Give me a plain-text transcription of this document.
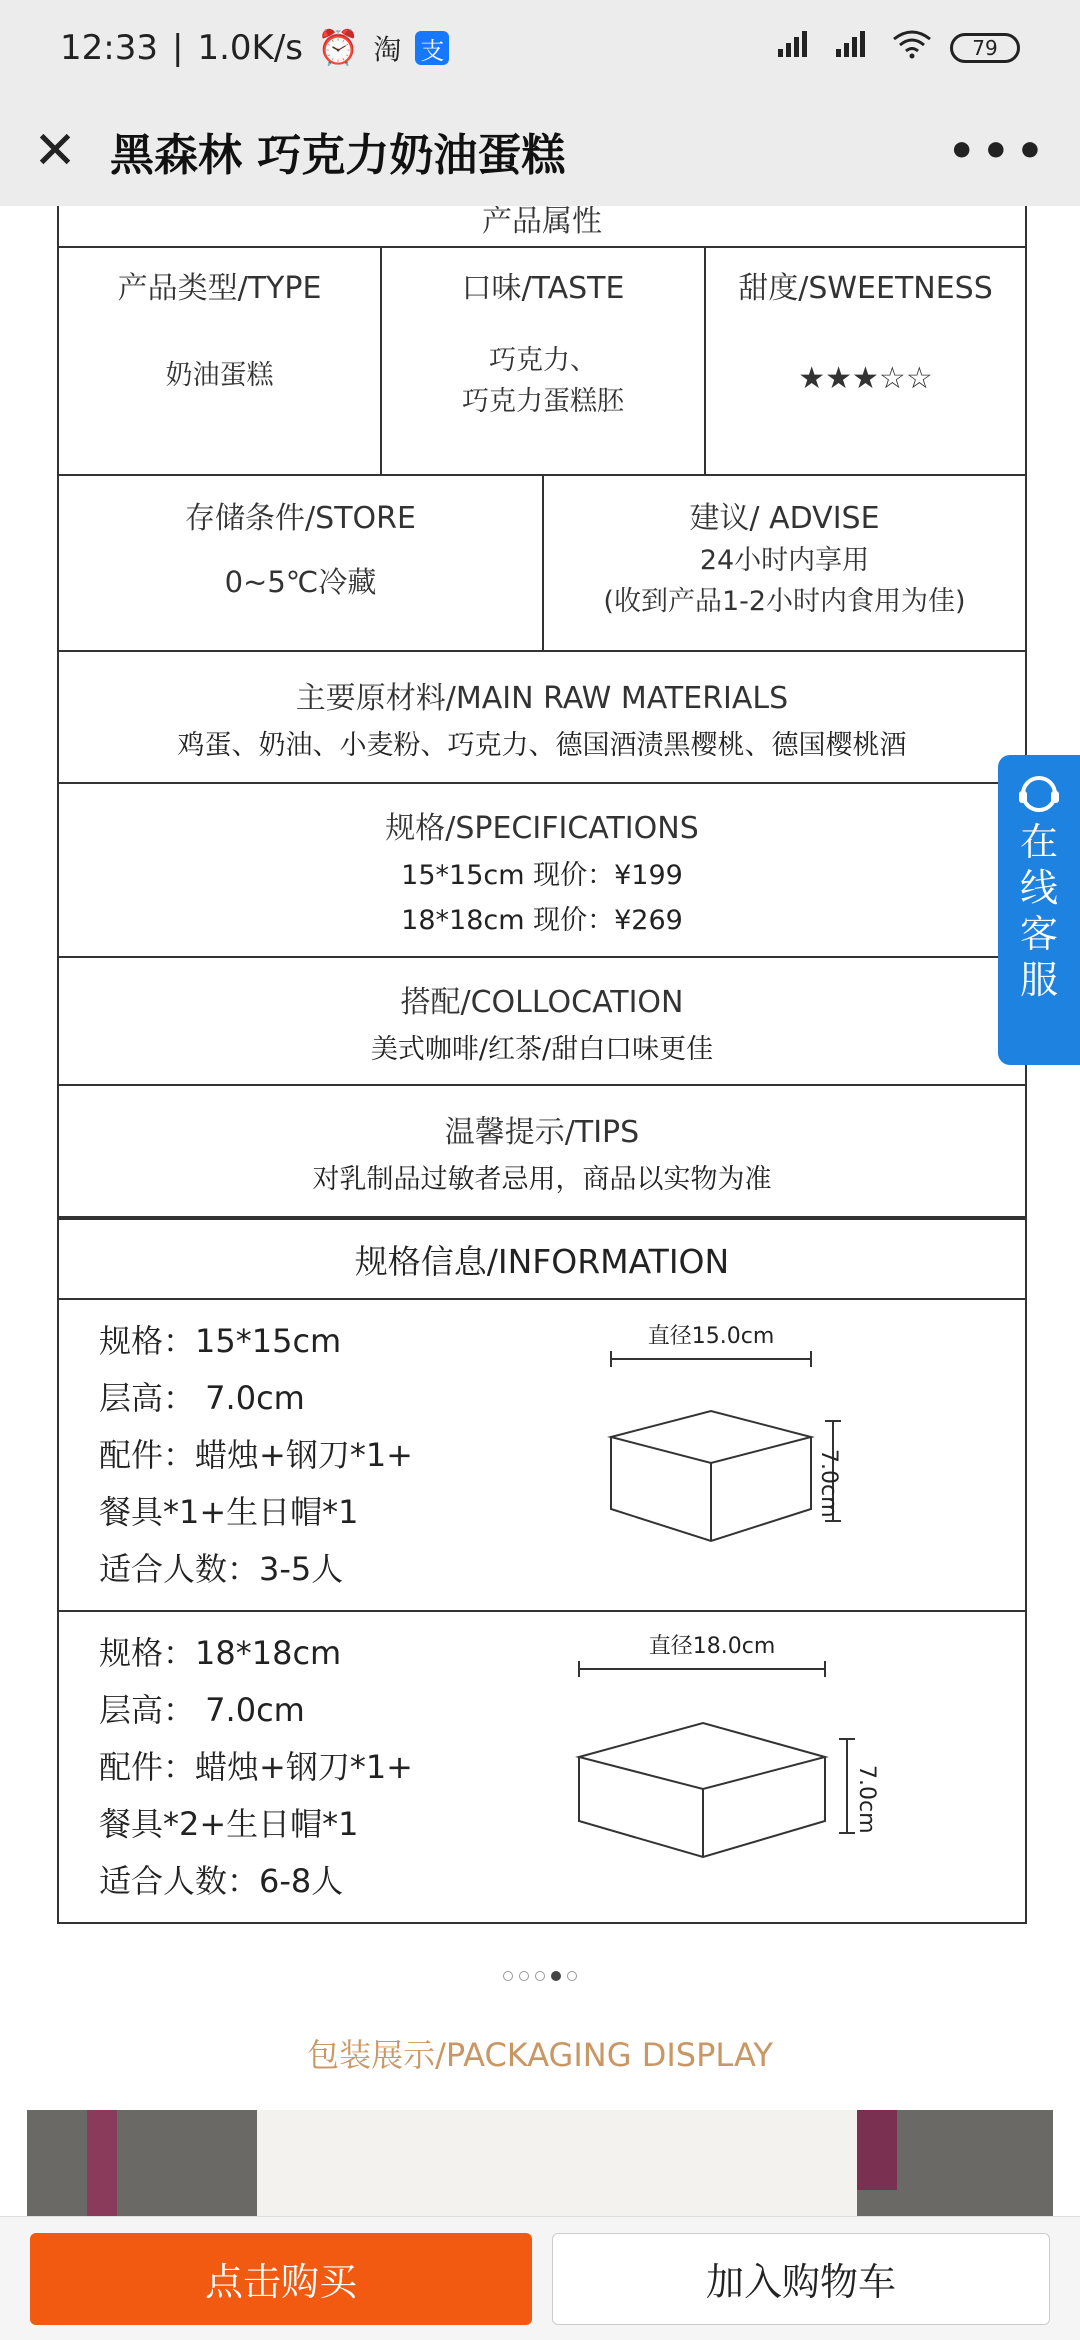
12:33 | 1.0K/s ⏰ 淘 支	79
✕ 黑森林 巧克力奶油蛋糕	•••
产品属性
产品类型/TYPE
奶油蛋糕
口味/TASTE
巧克力、
巧克力蛋糕胚
甜度/SWEETNESS
★★★☆☆
存储条件/STORE
0~5℃冷藏
建议/ ADVISE
24小时内享用
(收到产品1-2小时内食用为佳)
主要原材料/MAIN RAW MATERIALS
鸡蛋、奶油、小麦粉、巧克力、德国酒渍黑樱桃、德国樱桃酒
规格/SPECIFICATIONS
15*15cm 现价：¥199
18*18cm 现价：¥269
搭配/COLLOCATION
美式咖啡/红茶/甜白口味更佳
温馨提示/TIPS
对乳制品过敏者忌用，商品以实物为准
规格信息/INFORMATION
规格：15*15cm
层高： 7.0cm
配件：蜡烛+钢刀*1+
餐具*1+生日帽*1
适合人数：3-5人
直径15.0cm
7.0cm
规格：18*18cm
层高： 7.0cm
配件：蜡烛+钢刀*1+
餐具*2+生日帽*1
适合人数：6-8人
直径18.0cm
7.0cm
包装展示/PACKAGING DISPLAY
在线客服
点击购买	加入购物车
